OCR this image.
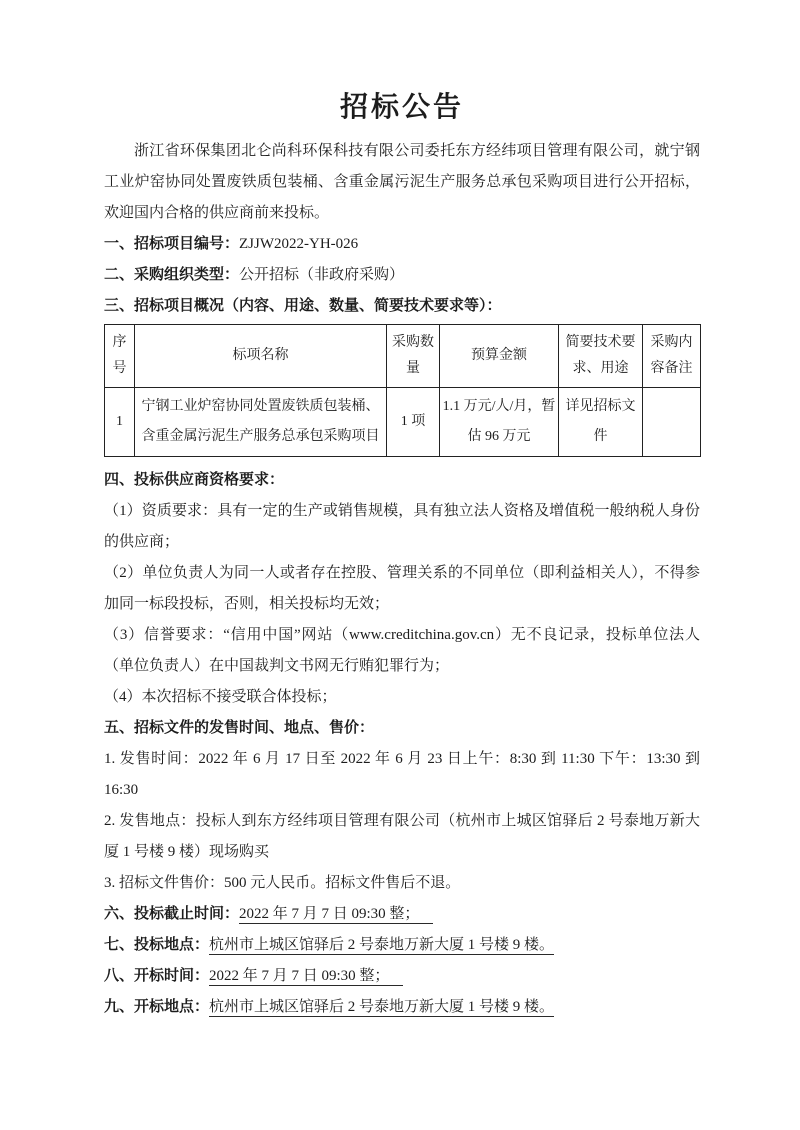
招标公告

浙江省环保集团北仑尚科环保科技有限公司委托东方经纬项目管理有限公司，就宁钢工业炉窑协同处置废铁质包装桶、含重金属污泥生产服务总承包采购项目进行公开招标，欢迎国内合格的供应商前来投标。

一、招标项目编号：ZJJW2022-YH-026

二、采购组织类型：公开招标（非政府采购）

三、招标项目概况（内容、用途、数量、简要技术要求等）：

序号	标项名称	采购数量	预算金额	简要技术要求、用途	采购内容备注
1	宁钢工业炉窑协同处置废铁质包装桶、含重金属污泥生产服务总承包采购项目	1 项	1.1 万元/人/月，暂估 96 万元	详见招标文件	

四、投标供应商资格要求：

（1）资质要求：具有一定的生产或销售规模，具有独立法人资格及增值税一般纳税人身份的供应商；

（2）单位负责人为同一人或者存在控股、管理关系的不同单位（即利益相关人），不得参加同一标段投标，否则，相关投标均无效；

（3）信誉要求：“信用中国”网站（www.creditchina.gov.cn）无不良记录，投标单位法人（单位负责人）在中国裁判文书网无行贿犯罪行为；

（4）本次招标不接受联合体投标；

五、招标文件的发售时间、地点、售价：

1. 发售时间：2022 年 6 月 17 日至 2022 年 6 月 23 日上午：8:30 到 11:30 下午：13:30 到 16:30

2. 发售地点：投标人到东方经纬项目管理有限公司（杭州市上城区馆驿后 2 号泰地万新大厦 1 号楼 9 楼）现场购买

3. 招标文件售价：500 元人民币。招标文件售后不退。

六、投标截止时间：2022 年 7 月 7 日 09:30 整；

七、投标地点：杭州市上城区馆驿后 2 号泰地万新大厦 1 号楼 9 楼。

八、开标时间：2022 年 7 月 7 日 09:30 整；

九、开标地点：杭州市上城区馆驿后 2 号泰地万新大厦 1 号楼 9 楼。
